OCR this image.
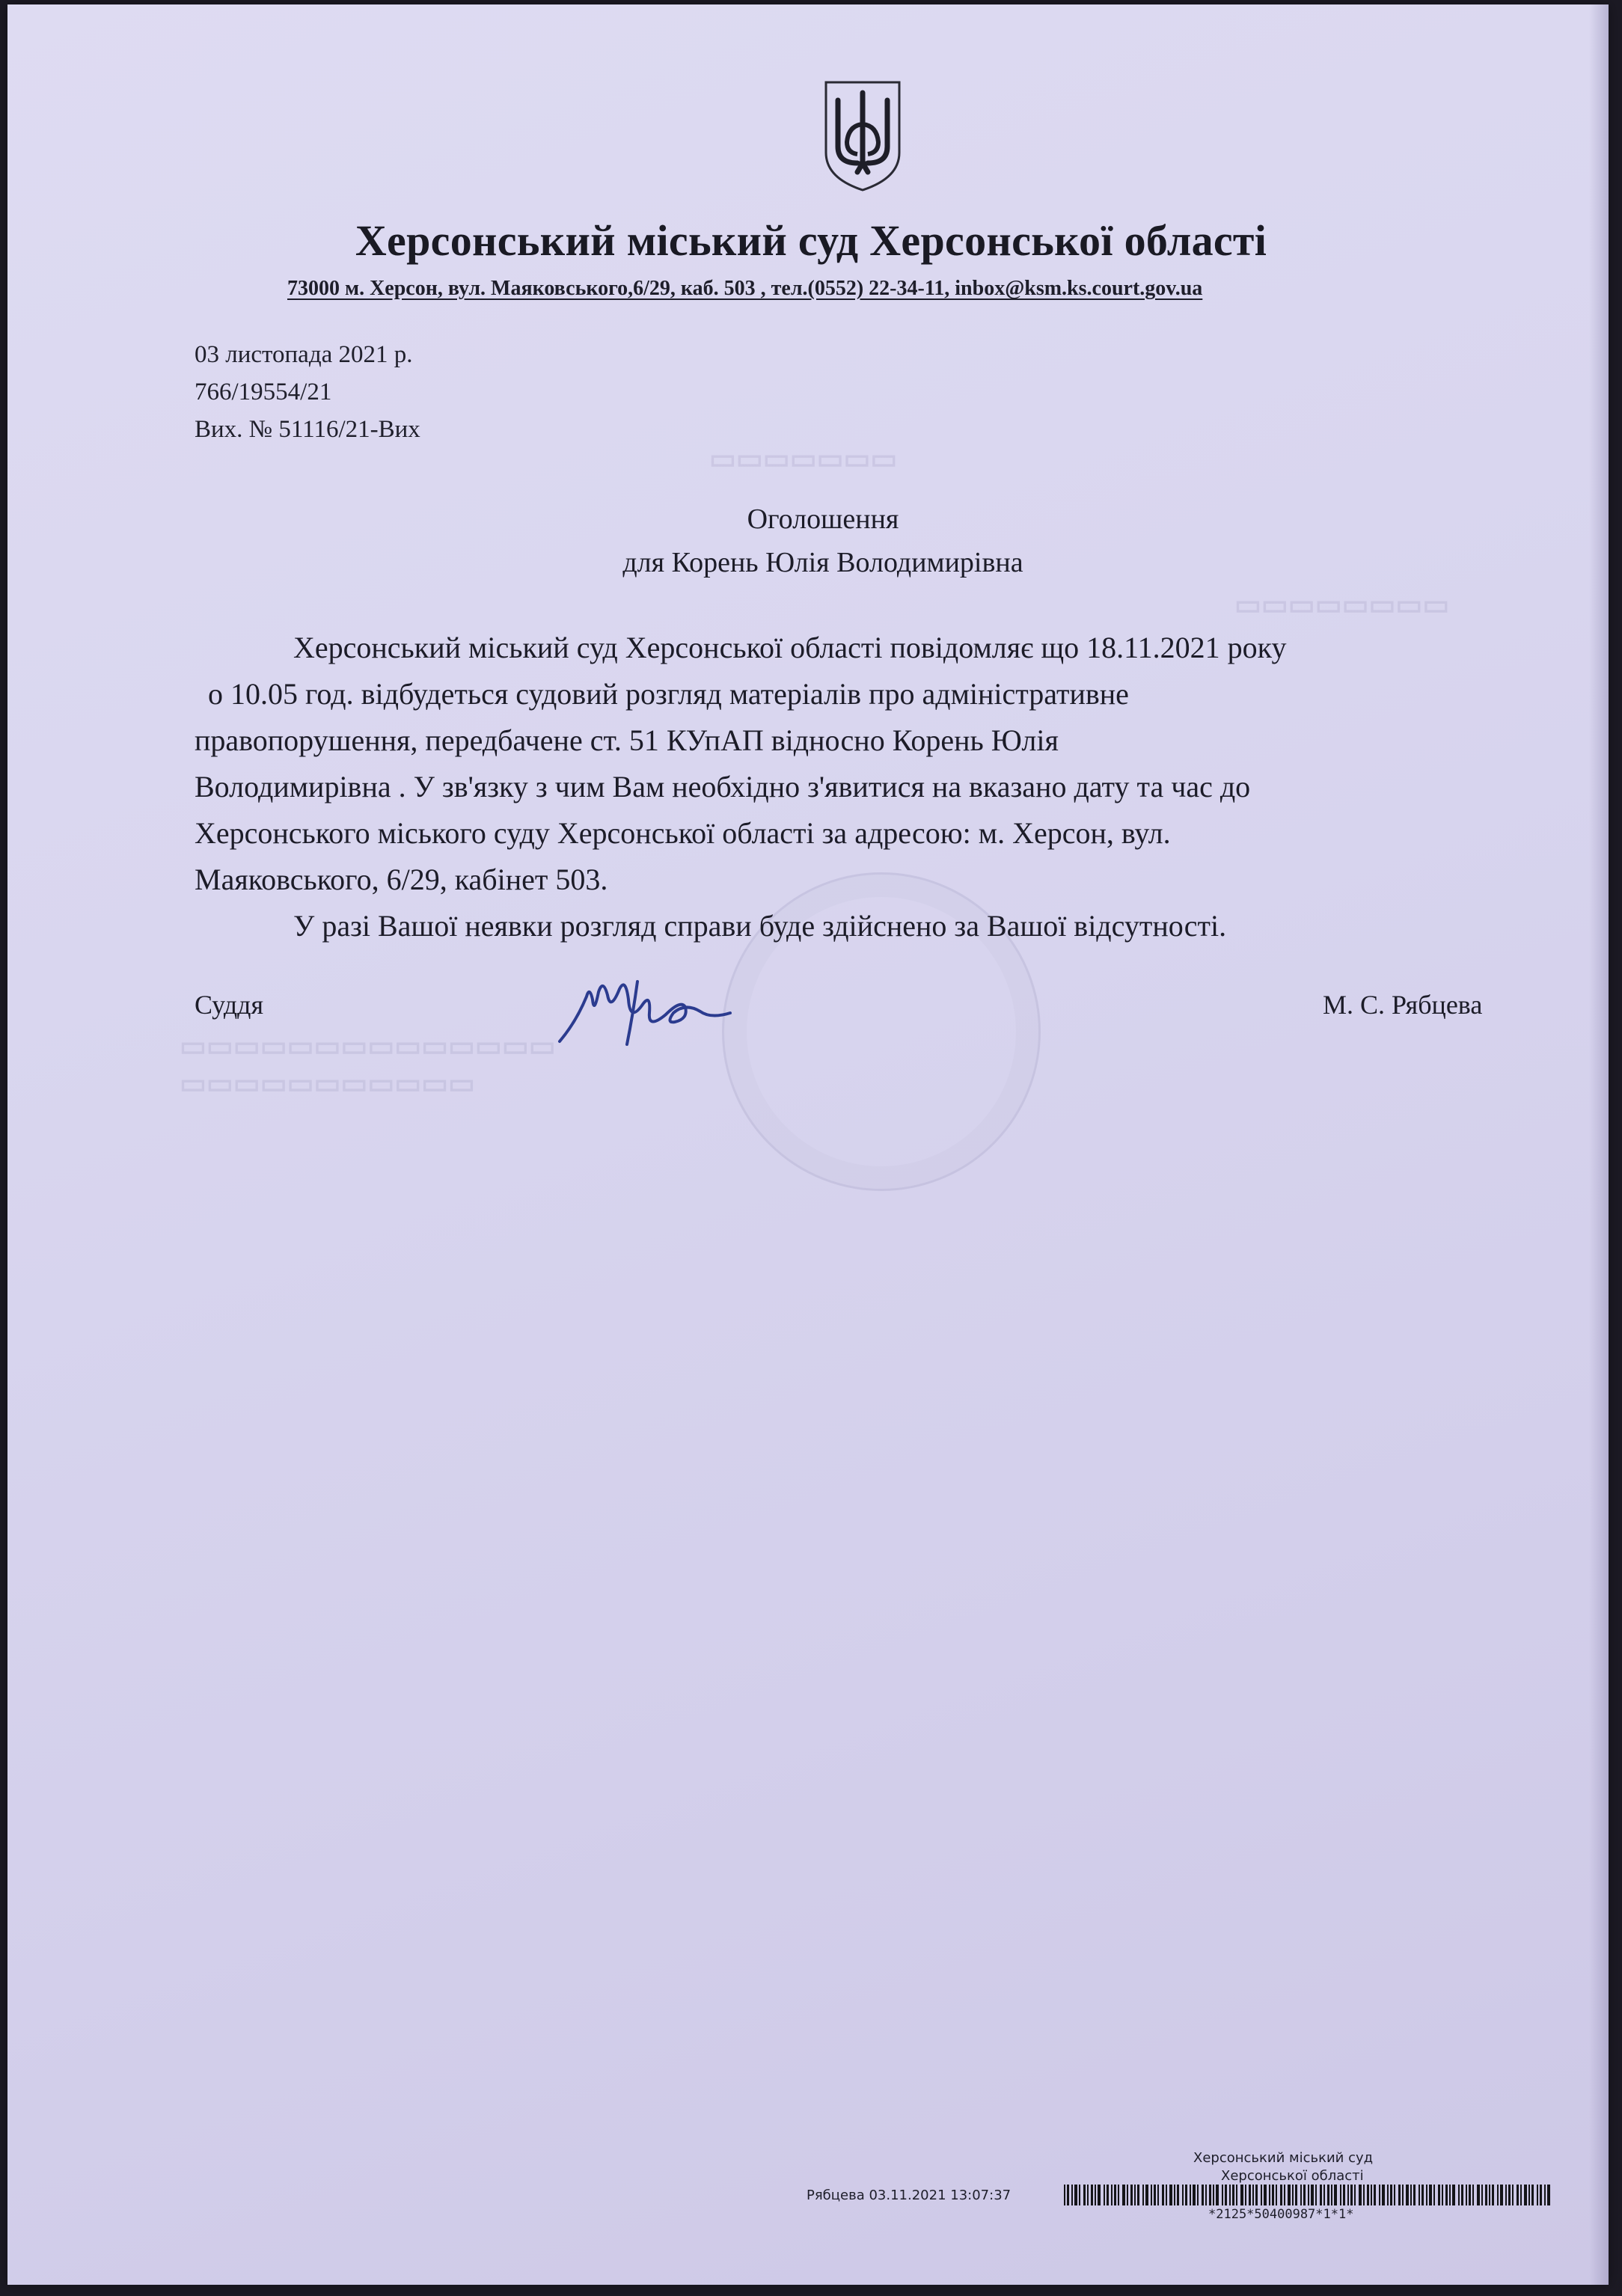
▭▭▭▭▭▭▭
▭▭▭▭▭▭▭▭
▭▭▭▭▭▭▭▭▭▭▭▭▭▭
▭▭▭▭▭▭▭▭▭▭▭
Херсонський міський суд Херсонської області
73000 м. Херсон, вул. Маяковського,6/29, каб. 503 , тел.(0552) 22-34-11, inbox@ksm.ks.court.gov.ua
03 листопада 2021 р.
766/19554/21
Вих. № 51116/21-Вих
Оголошення
для Корень Юлія Володимирівна
Херсонський міський суд Херсонської області повідомляє що 18.11.2021 року
о 10.05 год. відбудеться судовий розгляд матеріалів про адміністративне
правопорушення, передбачене ст. 51 КУпАП відносно Корень Юлія
Володимирівна . У зв'язку з чим Вам необхідно з'явитися на вказано дату та час до
Херсонського міського суду Херсонської області за адресою: м. Херсон, вул.
Маяковського, 6/29, кабінет 503.
У разі Вашої неявки розгляд справи буде здійснено за Вашої відсутності.
Суддя	М. С. Рябцева
Херсонський міський суд
Херсонської області
Рябцева 03.11.2021 13:07:37
*2125*50400987*1*1*
